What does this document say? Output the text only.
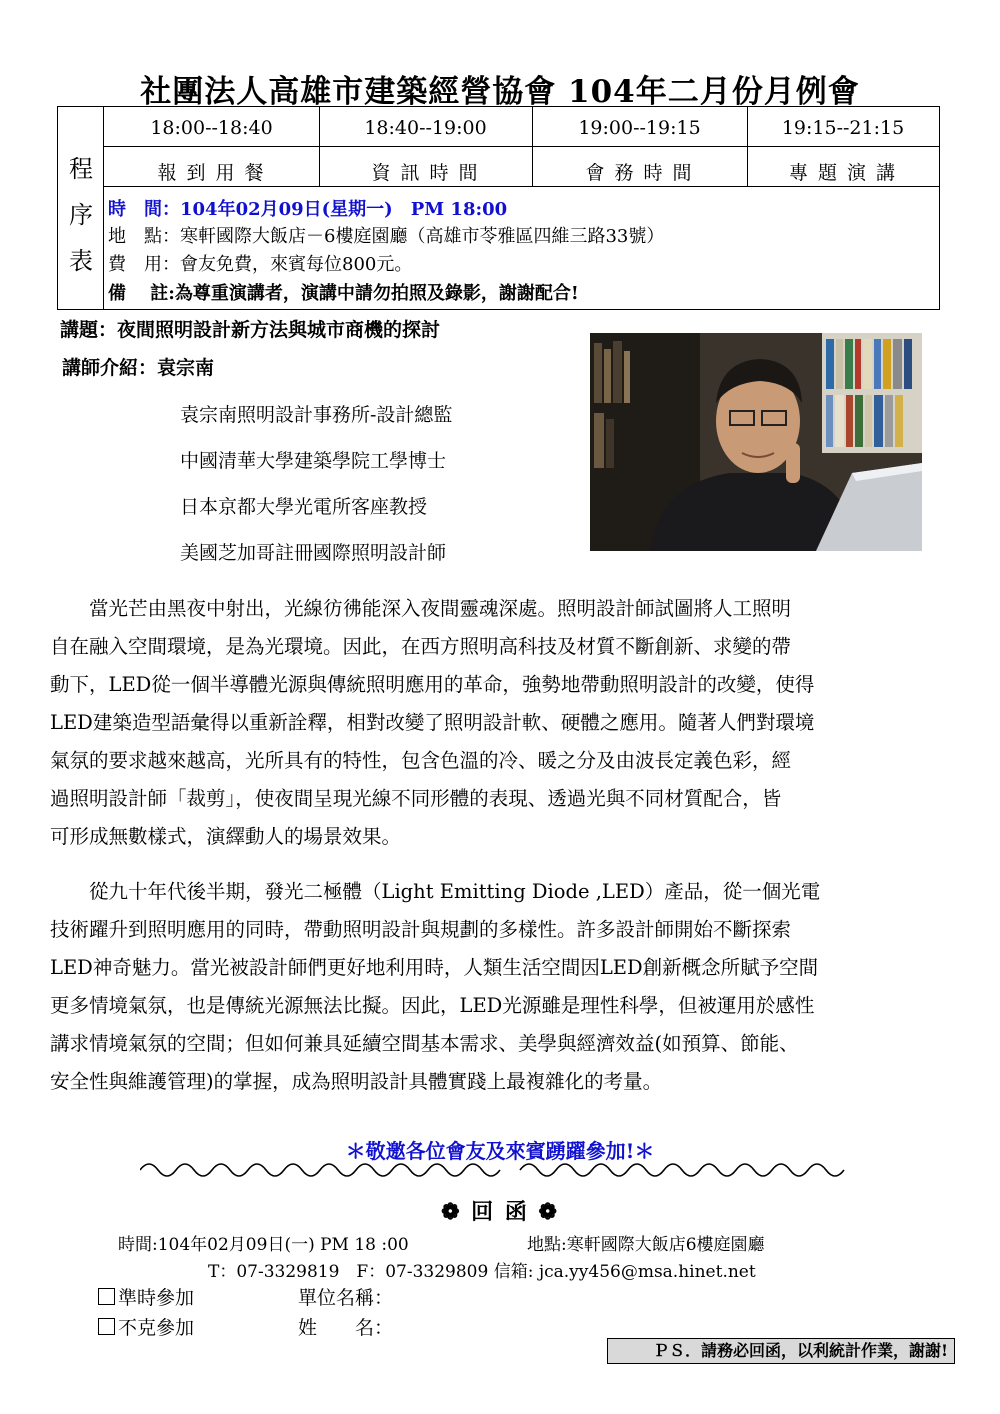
社團法人高雄市建築經營協會 104年二月份月例會
程
序
表
18:00--18:40	18:40--19:00	19:00--19:15	19:15--21:15
報 到 用 餐	資 訊 時 間	會 務 時 間	專 題 演 講
時　間：104年02月09日(星期一)　PM 18:00
地　點：寒軒國際大飯店－6樓庭園廳（高雄市苓雅區四維三路33號）
費　用：會友免費，來賓每位800元。
備　 註:為尊重演講者，演講中請勿拍照及錄影，謝謝配合!
講題：夜間照明設計新方法與城市商機的探討
講師介紹：袁宗南
袁宗南照明設計事務所-設計總監
中國清華大學建築學院工學博士
日本京都大學光電所客座教授
美國芝加哥註冊國際照明設計師
　　當光芒由黑夜中射出，光線彷彿能深入夜間靈魂深處。照明設計師試圖將人工照明
自在融入空間環境，是為光環境。因此，在西方照明高科技及材質不斷創新、求變的帶
動下，LED從一個半導體光源與傳統照明應用的革命，強勢地帶動照明設計的改變，使得
LED建築造型語彙得以重新詮釋，相對改變了照明設計軟、硬體之應用。隨著人們對環境
氣氛的要求越來越高，光所具有的特性，包含色溫的冷、暖之分及由波長定義色彩，經
過照明設計師「裁剪」，使夜間呈現光線不同形體的表現、透過光與不同材質配合，皆
可形成無數樣式，演繹動人的場景效果。
　　從九十年代後半期，發光二極體（Light Emitting Diode ,LED）產品，從一個光電
技術躍升到照明應用的同時，帶動照明設計與規劃的多樣性。許多設計師開始不斷探索
LED神奇魅力。當光被設計師們更好地利用時，人類生活空間因LED創新概念所賦予空間
更多情境氣氛，也是傳統光源無法比擬。因此，LED光源雖是理性科學，但被運用於感性
講求情境氣氛的空間；但如何兼具延續空間基本需求、美學與經濟效益(如預算、節能、
安全性與維護管理)的掌握，成為照明設計具體實踐上最複雜化的考量。
＊敬邀各位會友及來賓踴躍參加!＊
❁ 回 函 ❁
時間:104年02月09日(一) PM 18 :00	地點:寒軒國際大飯店6樓庭園廳
T：07-3329819　F：07-3329809 信箱: jca.yy456@msa.hinet.net
準時參加	單位名稱：
不克參加	姓　　名：
ＰＳ．請務必回函，以利統計作業，謝謝!
